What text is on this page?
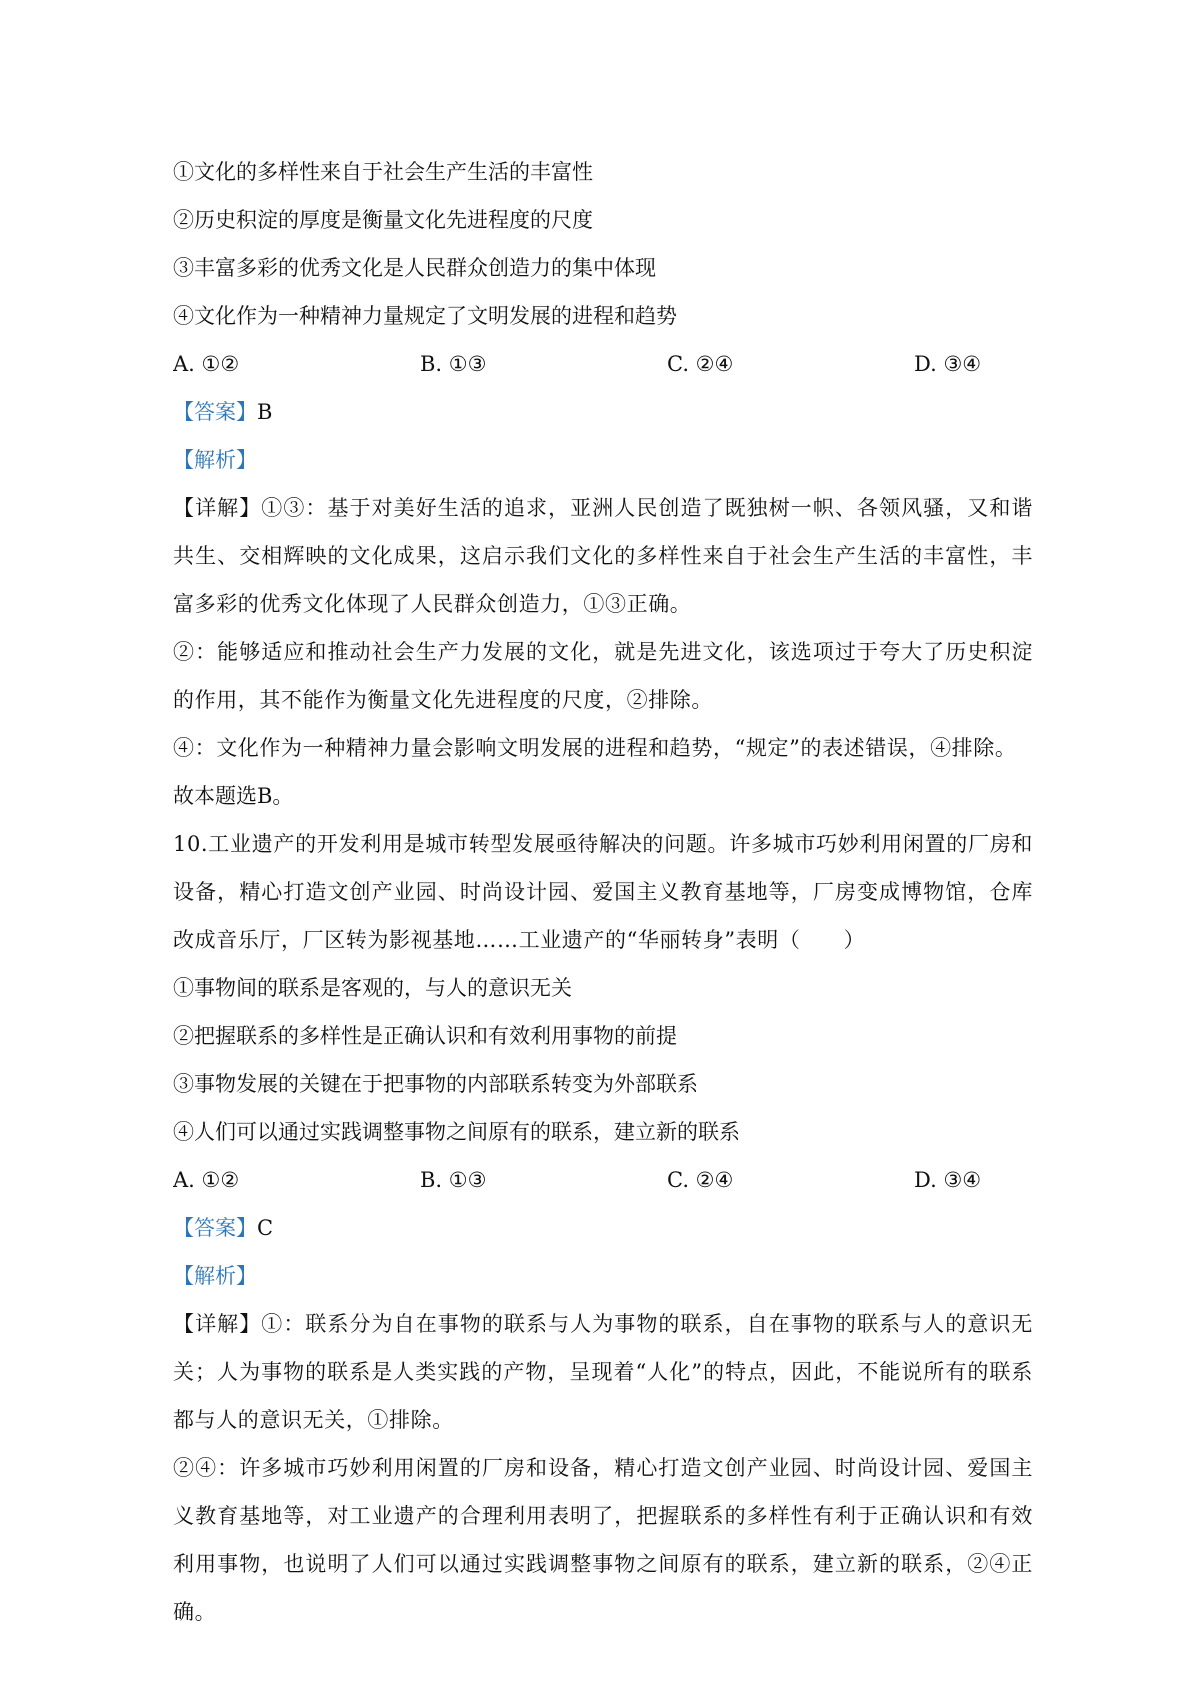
①文化的多样性来自于社会生产生活的丰富性
②历史积淀的厚度是衡量文化先进程度的尺度
③丰富多彩的优秀文化是人民群众创造力的集中体现
④文化作为一种精神力量规定了文明发展的进程和趋势
A. ①②	B. ①③	C. ②④	D. ③④
【答案】B
【解析】
【详解】①③：基于对美好生活的追求，亚洲人民创造了既独树一帜、各领风骚，又和谐共生、交相辉映的文化成果，这启示我们文化的多样性来自于社会生产生活的丰富性，丰富多彩的优秀文化体现了人民群众创造力，①③正确。
②：能够适应和推动社会生产力发展的文化，就是先进文化，该选项过于夸大了历史积淀的作用，其不能作为衡量文化先进程度的尺度，②排除。
④：文化作为一种精神力量会影响文明发展的进程和趋势，“规定”的表述错误，④排除。
故本题选B。
10.工业遗产的开发利用是城市转型发展亟待解决的问题。许多城市巧妙利用闲置的厂房和设备，精心打造文创产业园、时尚设计园、爱国主义教育基地等，厂房变成博物馆，仓库改成音乐厅，厂区转为影视基地……工业遗产的“华丽转身”表明（　　）
①事物间的联系是客观的，与人的意识无关
②把握联系的多样性是正确认识和有效利用事物的前提
③事物发展的关键在于把事物的内部联系转变为外部联系
④人们可以通过实践调整事物之间原有的联系，建立新的联系
A. ①②	B. ①③	C. ②④	D. ③④
【答案】C
【解析】
【详解】①：联系分为自在事物的联系与人为事物的联系，自在事物的联系与人的意识无关；人为事物的联系是人类实践的产物，呈现着“人化”的特点，因此，不能说所有的联系都与人的意识无关，①排除。
②④：许多城市巧妙利用闲置的厂房和设备，精心打造文创产业园、时尚设计园、爱国主义教育基地等，对工业遗产的合理利用表明了，把握联系的多样性有利于正确认识和有效利用事物，也说明了人们可以通过实践调整事物之间原有的联系，建立新的联系，②④正确。
